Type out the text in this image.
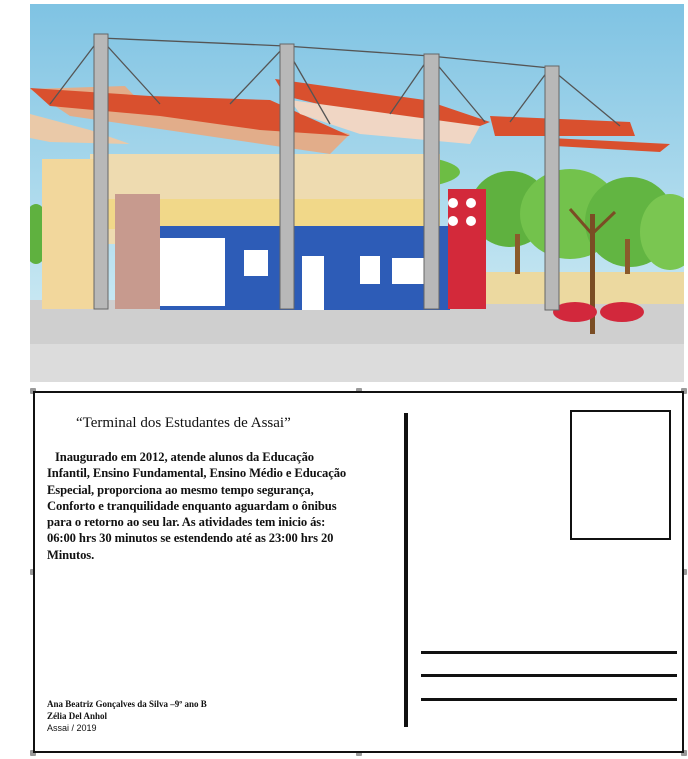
“Terminal dos Estudantes de Assai”
Inaugurado em 2012, atende alunos da Educação
Infantil, Ensino Fundamental, Ensino Médio e Educação
Especial, proporciona ao mesmo tempo segurança,
Conforto e tranquilidade enquanto aguardam o ônibus
para o retorno ao seu lar. As atividades tem inicio ás:
06:00 hrs 30 minutos se estendendo até as 23:00 hrs 20
Minutos.
Ana Beatriz Gonçalves da Silva –9º ano B
Zélia Del Anhol
Assai / 2019
